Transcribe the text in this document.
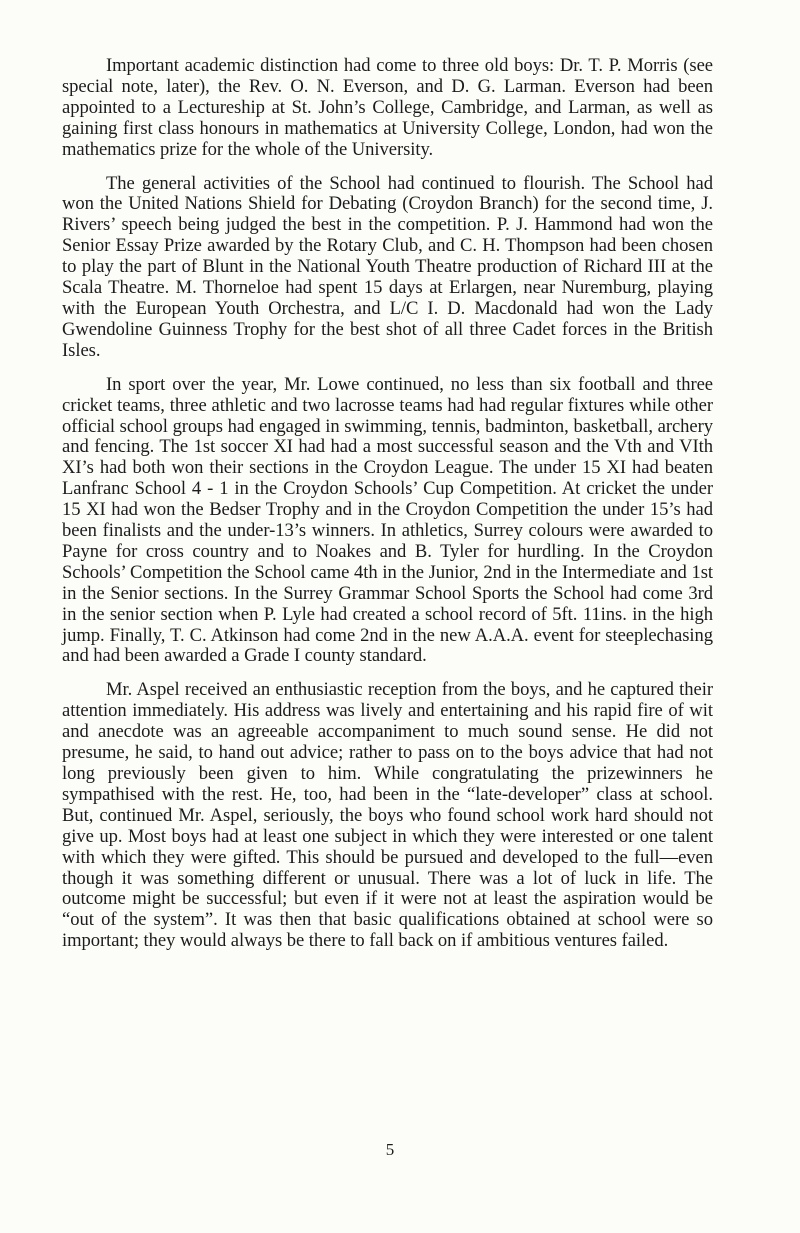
Important academic distinction had come to three old boys: Dr. T. P. Morris (see special note, later), the Rev. O. N. Everson, and D. G. Larman. Everson had been appointed to a Lectureship at St. John’s College, Cambridge, and Larman, as well as gaining first class honours in mathematics at University College, London, had won the mathematics prize for the whole of the University.

The general activities of the School had continued to flourish. The School had won the United Nations Shield for Debating (Croydon Branch) for the second time, J. Rivers’ speech being judged the best in the competition. P. J. Hammond had won the Senior Essay Prize awarded by the Rotary Club, and C. H. Thompson had been chosen to play the part of Blunt in the National Youth Theatre production of Richard III at the Scala Theatre. M. Thorneloe had spent 15 days at Erlargen, near Nuremburg, playing with the European Youth Orchestra, and L/C I. D. Macdonald had won the Lady Gwendoline Guinness Trophy for the best shot of all three Cadet forces in the British Isles.

In sport over the year, Mr. Lowe continued, no less than six football and three cricket teams, three athletic and two lacrosse teams had had regular fixtures while other official school groups had engaged in swimming, tennis, badminton, basketball, archery and fencing. The 1st soccer XI had had a most successful season and the Vth and VIth XI’s had both won their sections in the Croydon League. The under 15 XI had beaten Lanfranc School 4 - 1 in the Croydon Schools’ Cup Competition. At cricket the under 15 XI had won the Bedser Trophy and in the Croydon Competition the under 15’s had been finalists and the under-13’s winners. In athletics, Surrey colours were awarded to Payne for cross country and to Noakes and B. Tyler for hurdling. In the Croydon Schools’ Competition the School came 4th in the Junior, 2nd in the Intermediate and 1st in the Senior sections. In the Surrey Grammar School Sports the School had come 3rd in the senior section when P. Lyle had created a school record of 5ft. 11ins. in the high jump. Finally, T. C. Atkinson had come 2nd in the new A.A.A. event for steeplechasing and had been awarded a Grade I county standard.

Mr. Aspel received an enthusiastic reception from the boys, and he captured their attention immediately. His address was lively and entertaining and his rapid fire of wit and anecdote was an agreeable accompaniment to much sound sense. He did not presume, he said, to hand out advice; rather to pass on to the boys advice that had not long previously been given to him. While congratulating the prizewinners he sympathised with the rest. He, too, had been in the “late-developer” class at school. But, continued Mr. Aspel, seriously, the boys who found school work hard should not give up. Most boys had at least one subject in which they were interested or one talent with which they were gifted. This should be pursued and developed to the full—even though it was something different or unusual. There was a lot of luck in life. The outcome might be successful; but even if it were not at least the aspiration would be “out of the system”. It was then that basic qualifications obtained at school were so important; they would always be there to fall back on if ambitious ventures failed.

5
